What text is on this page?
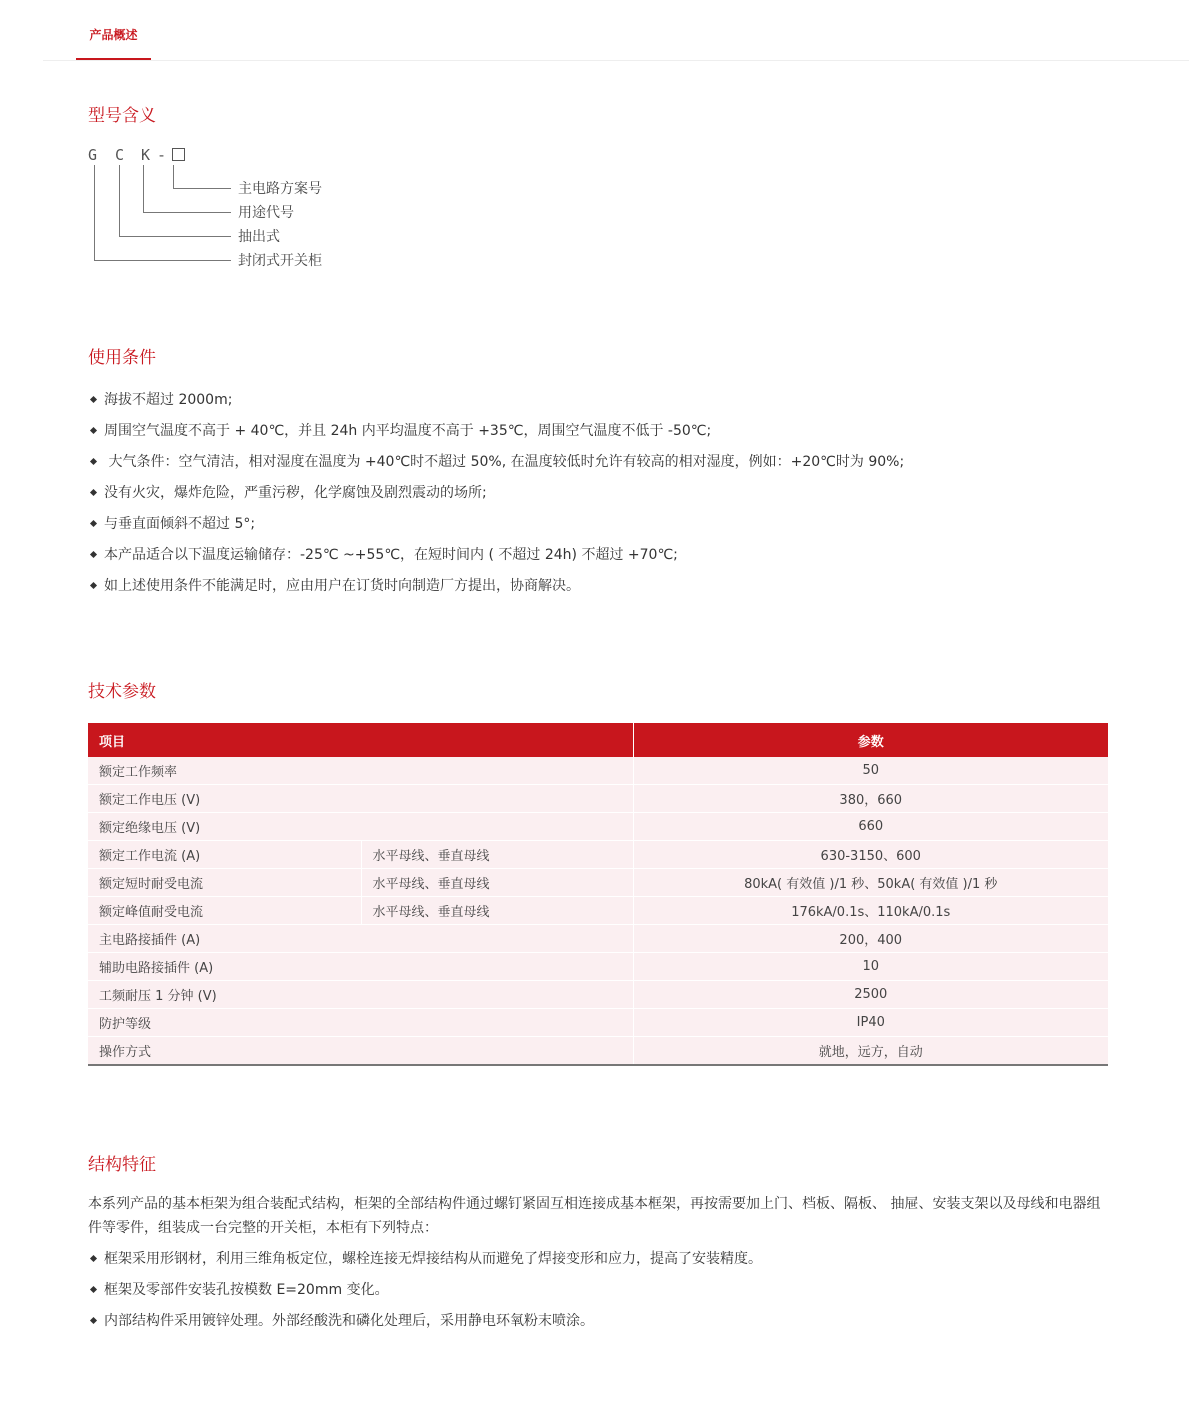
产品概述
型号含义
G C K -
主电路方案号
用途代号
抽出式
封闭式开关柜
使用条件
海拔不超过 2000m;
周围空气温度不高于 + 40℃，并且 24h 内平均温度不高于 +35℃，周围空气温度不低于 -50℃;
大气条件：空气清洁，相对湿度在温度为 +40℃时不超过 50%, 在温度较低时允许有较高的相对湿度，例如：+20℃时为 90%;
没有火灾，爆炸危险，严重污秽，化学腐蚀及剧烈震动的场所;
与垂直面倾斜不超过 5°;
本产品适合以下温度运输储存：-25℃ ~+55℃，在短时间内 ( 不超过 24h) 不超过 +70℃;
如上述使用条件不能满足时，应由用户在订货时向制造厂方提出，协商解决。
技术参数
项目		参数
额定工作频率		50
额定工作电压 (V)		380，660
额定绝缘电压 (V)		660
额定工作电流 (A)	水平母线、垂直母线	630-3150、600
额定短时耐受电流	水平母线、垂直母线	80kA( 有效值 )/1 秒、50kA( 有效值 )/1 秒
额定峰值耐受电流	水平母线、垂直母线	176kA/0.1s、110kA/0.1s
主电路接插件 (A)		200，400
辅助电路接插件 (A)		10
工频耐压 1 分钟 (V)		2500
防护等级		IP40
操作方式		就地，远方，自动
结构特征

本系列产品的基本柜架为组合装配式结构，柜架的全部结构件通过螺钉紧固互相连接成基本框架，再按需要加上门、档板、隔板、 抽屉、安装支架以及母线和电器组件等零件，组装成一台完整的开关柜，本柜有下列特点：

框架采用形钢材，利用三维角板定位，螺栓连接无焊接结构从而避免了焊接变形和应力，提高了安装精度。
框架及零部件安装孔按模数 E=20mm 变化。
内部结构件采用镀锌处理。外部经酸洗和磷化处理后，采用静电环氧粉末喷涂。
